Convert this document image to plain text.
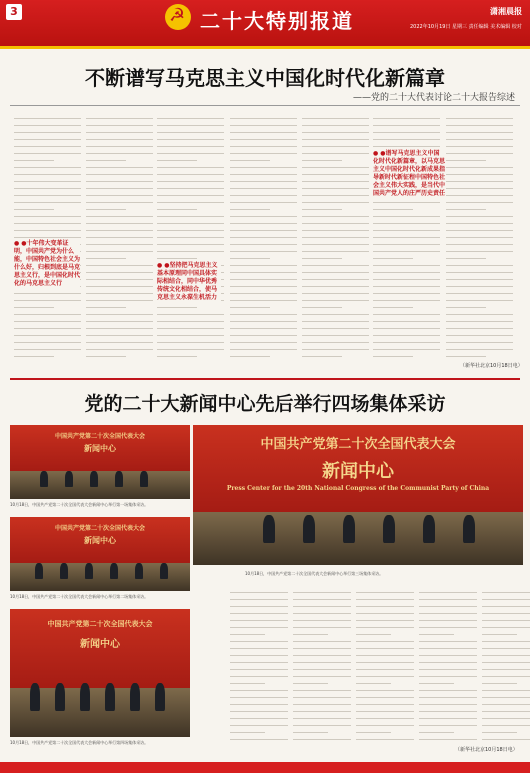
3
☭	二十大特别报道	潇湘晨报
2022年10月19日 星期三 责任编辑 美术编辑 校对
不断谱写马克思主义中国化时代化新篇章
——党的二十大代表讨论二十大报告综述
● ●十年伟大变革证明，中国共产党为什么能，中国特色社会主义为什么好，归根到底是马克思主义行，是中国化时代化的马克思主义行
● ●坚持把马克思主义基本原理同中国具体实际相结合，同中华优秀传统文化相结合，使马克思主义永葆生机活力
● ●谱写马克思主义中国化时代化新篇章，以马克思主义中国化时代化新成果指导新时代新征程中国特色社会主义伟大实践，是当代中国共产党人的庄严历史责任
（新华社北京10月18日电）
党的二十大新闻中心先后举行四场集体采访
中国共产党第二十次全国代表大会
新闻中心
10月18日，中国共产党第二十次全国代表大会新闻中心举行第一场集体采访。
中国共产党第二十次全国代表大会
新闻中心
10月18日，中国共产党第二十次全国代表大会新闻中心举行第二场集体采访。
中国共产党第二十次全国代表大会
新闻中心
Press Center for the 20th National Congress of the Communist Party of China
10月18日，中国共产党第二十次全国代表大会新闻中心举行第三场集体采访。
中国共产党第二十次全国代表大会
新闻中心
10月18日，中国共产党第二十次全国代表大会新闻中心举行第四场集体采访。
（新华社北京10月18日电）
